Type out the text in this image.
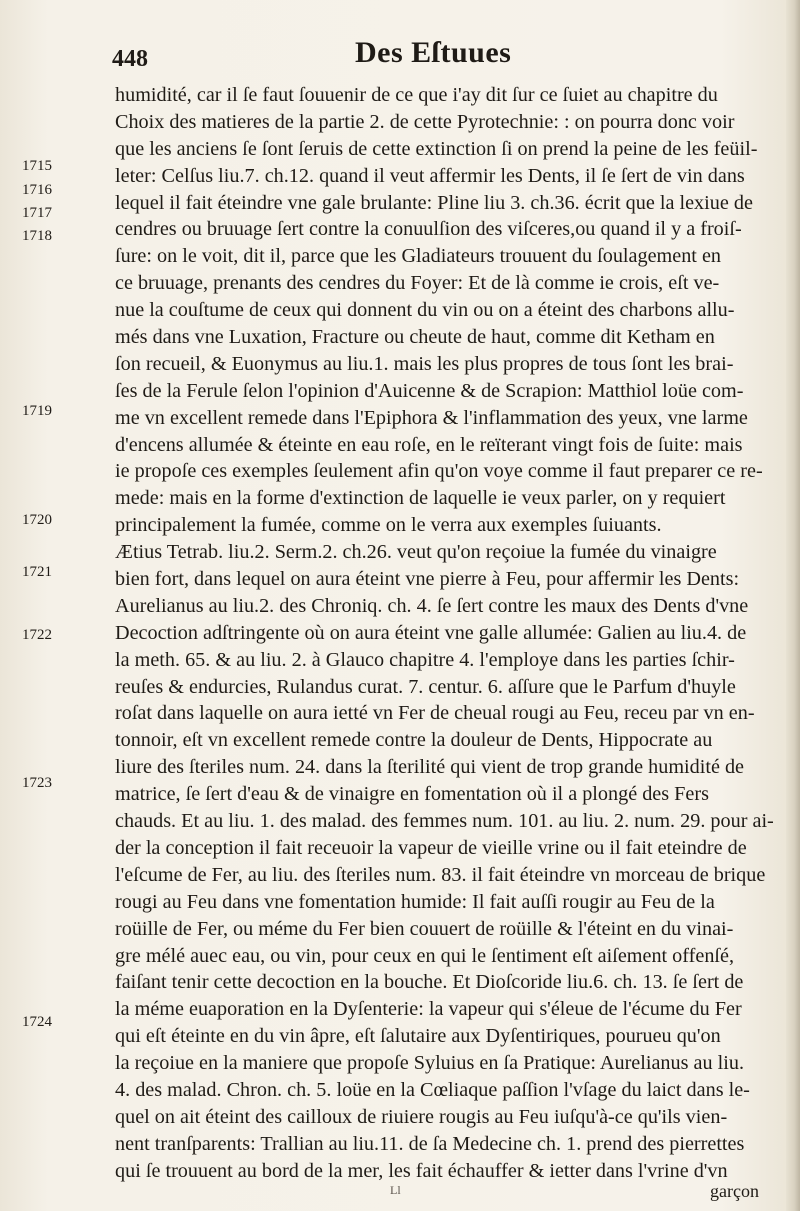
448	Des Eſtuues
1715
1716
1717
1718
1719
1720
1721
1722
1723
1724
humidité, car il ſe faut ſouuenir de ce que i'ay dit ſur ce ſuiet au chapitre du
Choix des matieres de la partie 2. de cette Pyrotechnie: : on pourra donc voir
que les anciens ſe ſont ſeruis de cette extinction ſi on prend la peine de les feüil-
leter: Celſus liu.7. ch.12. quand il veut affermir les Dents, il ſe ſert de vin dans
lequel il fait éteindre vne gale brulante: Pline liu 3. ch.36. écrit que la lexiue de
cendres ou bruuage ſert contre la conuulſion des viſceres,ou quand il y a froiſ-
ſure: on le voit, dit il, parce que les Gladiateurs trouuent du ſoulagement en
ce bruuage, prenants des cendres du Foyer: Et de là comme ie crois, eſt ve-
nue la couſtume de ceux qui donnent du vin ou on a éteint des charbons allu-
més dans vne Luxation, Fracture ou cheute de haut, comme dit Ketham en
ſon recueil, & Euonymus au liu.1. mais les plus propres de tous ſont les brai-
ſes de la Ferule ſelon l'opinion d'Auicenne & de Scrapion: Matthiol loüe com-
me vn excellent remede dans l'Epiphora & l'inflammation des yeux, vne larme
d'encens allumée & éteinte en eau roſe, en le reïterant vingt fois de ſuite: mais
ie propoſe ces exemples ſeulement afin qu'on voye comme il faut preparer ce re-
mede: mais en la forme d'extinction de laquelle ie veux parler, on y requiert
principalement la fumée, comme on le verra aux exemples ſuiuants.
Ætius Tetrab. liu.2. Serm.2. ch.26. veut qu'on reçoiue la fumée du vinaigre
bien fort, dans lequel on aura éteint vne pierre à Feu, pour affermir les Dents:
Aurelianus au liu.2. des Chroniq. ch. 4. ſe ſert contre les maux des Dents d'vne
Decoction adſtringente où on aura éteint vne galle allumée: Galien au liu.4. de
la meth. 65. & au liu. 2. à Glauco chapitre 4. l'employe dans les parties ſchir-
reuſes & endurcies, Rulandus curat. 7. centur. 6. aſſure que le Parfum d'huyle
roſat dans laquelle on aura ietté vn Fer de cheual rougi au Feu, receu par vn en-
tonnoir, eſt vn excellent remede contre la douleur de Dents, Hippocrate au
liure des ſteriles num. 24. dans la ſterilité qui vient de trop grande humidité de
matrice, ſe ſert d'eau & de vinaigre en fomentation où il a plongé des Fers
chauds. Et au liu. 1. des malad. des femmes num. 101. au liu. 2. num. 29. pour ai-
der la conception il fait receuoir la vapeur de vieille vrine ou il fait eteindre de
l'eſcume de Fer, au liu. des ſteriles num. 83. il fait éteindre vn morceau de brique
rougi au Feu dans vne fomentation humide: Il fait auſſi rougir au Feu de la
roüille de Fer, ou méme du Fer bien couuert de roüille & l'éteint en du vinai-
gre mélé auec eau, ou vin, pour ceux en qui le ſentiment eſt aiſement offenſé,
faiſant tenir cette decoction en la bouche. Et Dioſcoride liu.6. ch. 13. ſe ſert de
la méme euaporation en la Dyſenterie: la vapeur qui s'éleue de l'écume du Fer
qui eſt éteinte en du vin âpre, eſt ſalutaire aux Dyſentiriques, pourueu qu'on
la reçoiue en la maniere que propoſe Syluius en ſa Pratique: Aurelianus au liu.
4. des malad. Chron. ch. 5. loüe en la Cœliaque paſſion l'vſage du laict dans le-
quel on ait éteint des cailloux de riuiere rougis au Feu iuſqu'à-ce qu'ils vien-
nent tranſparents: Trallian au liu.11. de ſa Medecine ch. 1. prend des pierrettes
qui ſe trouuent au bord de la mer, les fait échauffer & ietter dans l'vrine d'vn
Ll	garçon
